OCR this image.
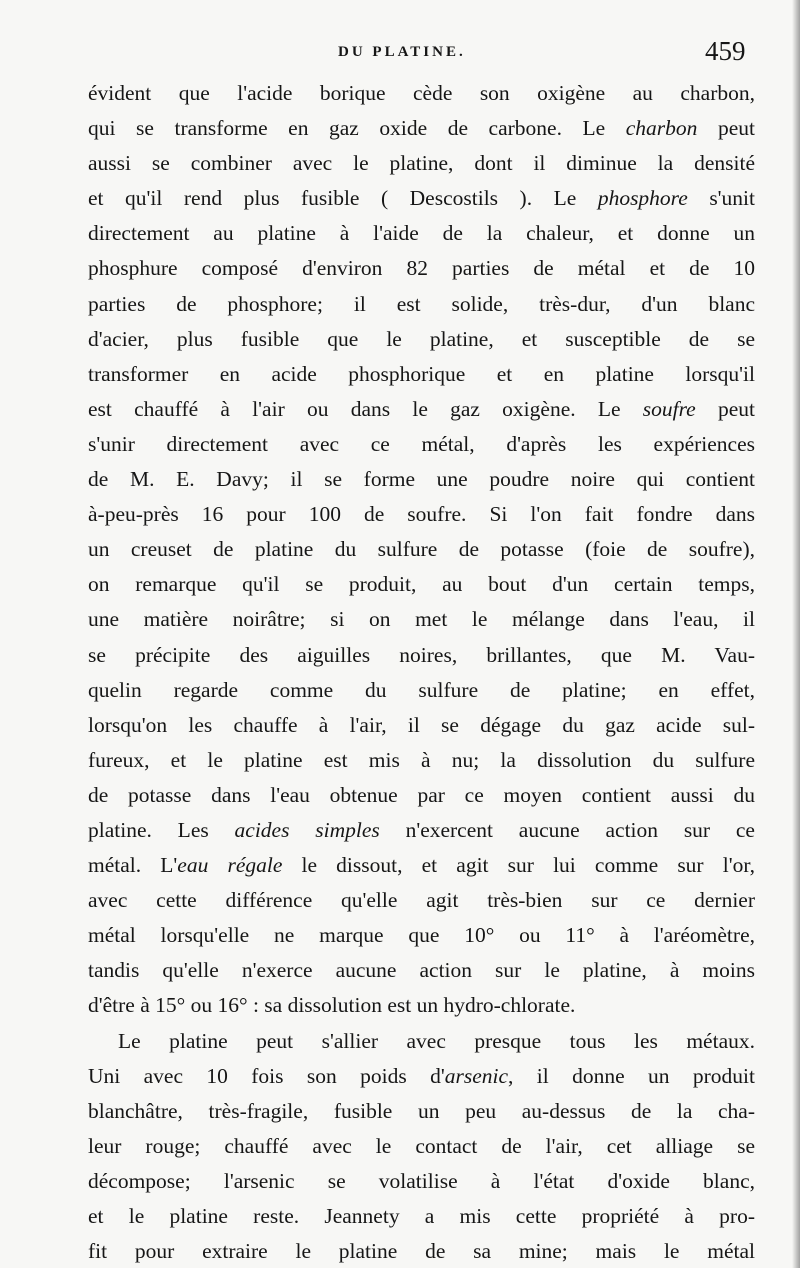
DU PLATINE.	459
évident que l'acide borique cède son oxigène au charbon,
qui se transforme en gaz oxide de carbone. Le charbon peut
aussi se combiner avec le platine, dont il diminue la densité
et qu'il rend plus fusible ( Descostils ). Le phosphore s'unit
directement au platine à l'aide de la chaleur, et donne un
phosphure composé d'environ 82 parties de métal et de 10
parties de phosphore; il est solide, très-dur, d'un blanc
d'acier, plus fusible que le platine, et susceptible de se
transformer en acide phosphorique et en platine lorsqu'il
est chauffé à l'air ou dans le gaz oxigène. Le soufre peut
s'unir directement avec ce métal, d'après les expériences
de M. E. Davy; il se forme une poudre noire qui contient
à-peu-près 16 pour 100 de soufre. Si l'on fait fondre dans
un creuset de platine du sulfure de potasse (foie de soufre),
on remarque qu'il se produit, au bout d'un certain temps,
une matière noirâtre; si on met le mélange dans l'eau, il
se précipite des aiguilles noires, brillantes, que M. Vau-
quelin regarde comme du sulfure de platine; en effet,
lorsqu'on les chauffe à l'air, il se dégage du gaz acide sul-
fureux, et le platine est mis à nu; la dissolution du sulfure
de potasse dans l'eau obtenue par ce moyen contient aussi du
platine. Les acides simples n'exercent aucune action sur ce
métal. L'eau régale le dissout, et agit sur lui comme sur l'or,
avec cette différence qu'elle agit très-bien sur ce dernier
métal lorsqu'elle ne marque que 10° ou 11° à l'aréomètre,
tandis qu'elle n'exerce aucune action sur le platine, à moins
d'être à 15° ou 16° : sa dissolution est un hydro-chlorate.
Le platine peut s'allier avec presque tous les métaux.
Uni avec 10 fois son poids d'arsenic, il donne un produit
blanchâtre, très-fragile, fusible un peu au-dessus de la cha-
leur rouge; chauffé avec le contact de l'air, cet alliage se
décompose; l'arsenic se volatilise à l'état d'oxide blanc,
et le platine reste. Jeannety a mis cette propriété à pro-
fit pour extraire le platine de sa mine; mais le métal
